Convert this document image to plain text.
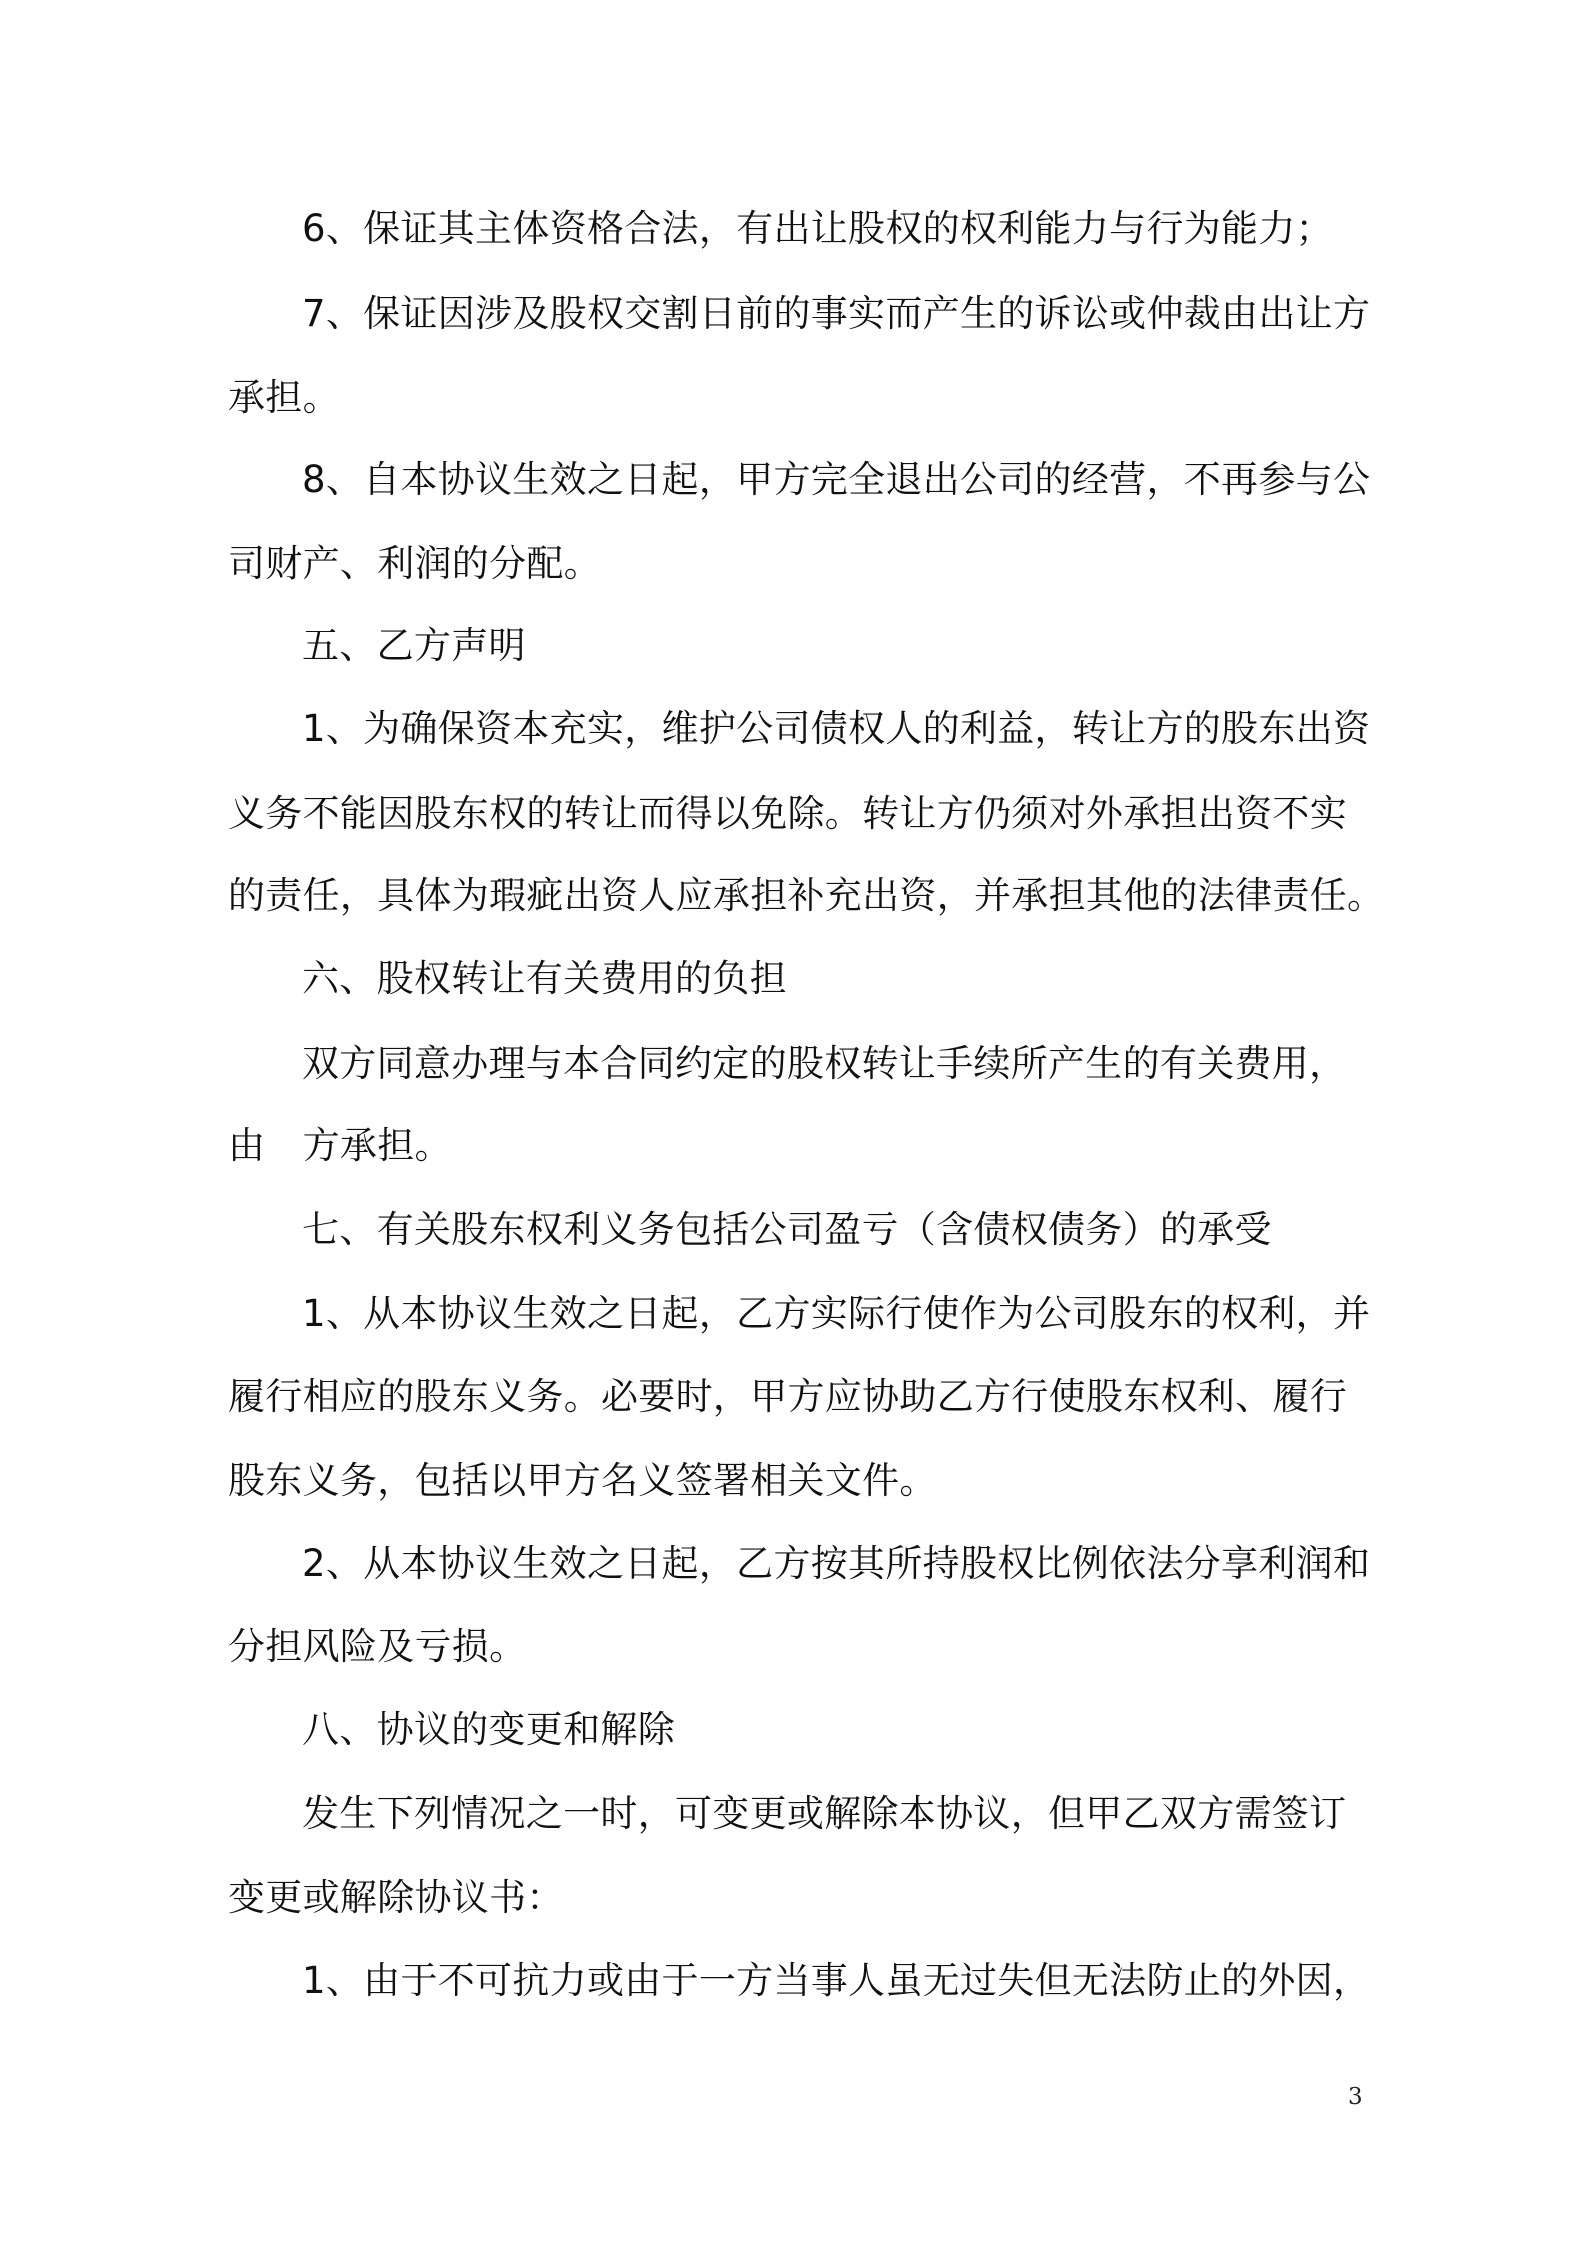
6、保证其主体资格合法，有出让股权的权利能力与行为能力；
7、保证因涉及股权交割日前的事实而产生的诉讼或仲裁由出让方
承担。
8、自本协议生效之日起，甲方完全退出公司的经营，不再参与公
司财产、利润的分配。
五、乙方声明
1、为确保资本充实，维护公司债权人的利益，转让方的股东出资
义务不能因股东权的转让而得以免除。转让方仍须对外承担出资不实
的责任，具体为瑕疵出资人应承担补充出资，并承担其他的法律责任。
六、股权转让有关费用的负担
双方同意办理与本合同约定的股权转让手续所产生的有关费用，
由　方承担。
七、有关股东权利义务包括公司盈亏（含债权债务）的承受
1、从本协议生效之日起，乙方实际行使作为公司股东的权利，并
履行相应的股东义务。必要时，甲方应协助乙方行使股东权利、履行
股东义务，包括以甲方名义签署相关文件。
2、从本协议生效之日起，乙方按其所持股权比例依法分享利润和
分担风险及亏损。
八、协议的变更和解除
发生下列情况之一时，可变更或解除本协议，但甲乙双方需签订
变更或解除协议书：
1、由于不可抗力或由于一方当事人虽无过失但无法防止的外因，
3
